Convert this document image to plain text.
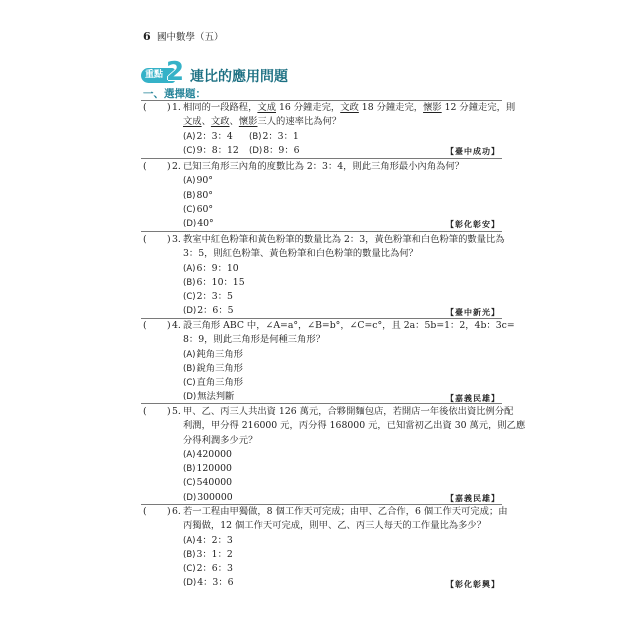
6 國中數學（五）
重點 2 連比的應用問題
一、選擇題：
( ) 1. 相同的一段路程，文成 16 分鐘走完，文政 18 分鐘走完，懷影 12 分鐘走完，則
文成、文政、懷影三人的速率比為何？
(A)2：3：4 (B)2：3：1
(C)9：8：12 (D)8：9：6	【臺中成功】
( ) 2. 已知三角形三內角的度數比為 2：3：4，則此三角形最小內角為何？
(A)90°
(B)80°
(C)60°
(D)40°	【彰化彰安】
( ) 3. 教室中紅色粉筆和黃色粉筆的數量比為 2：3，黃色粉筆和白色粉筆的數量比為
3：5，則紅色粉筆、黃色粉筆和白色粉筆的數量比為何？
(A)6：9：10
(B)6：10：15
(C)2：3：5
(D)2：6：5	【臺中新光】
( ) 4. 設三角形 ABC 中，∠A=a°，∠B=b°，∠C=c°，且 2a：5b=1：2，4b：3c=
8：9，則此三角形是何種三角形？
(A)鈍角三角形
(B)銳角三角形
(C)直角三角形
(D)無法判斷	【嘉義民雄】
( ) 5. 甲、乙、丙三人共出資 126 萬元，合夥開麵包店，若開店一年後依出資比例分配
利潤，甲分得 216000 元，丙分得 168000 元，已知當初乙出資 30 萬元，則乙應
分得利潤多少元？
(A)420000
(B)120000
(C)540000
(D)300000	【嘉義民雄】
( ) 6. 若一工程由甲獨做，8 個工作天可完成；由甲、乙合作，6 個工作天可完成；由
丙獨做，12 個工作天可完成，則甲、乙、丙三人每天的工作量比為多少？
(A)4：2：3
(B)3：1：2
(C)2：6：3
(D)4：3：6	【彰化彰興】
